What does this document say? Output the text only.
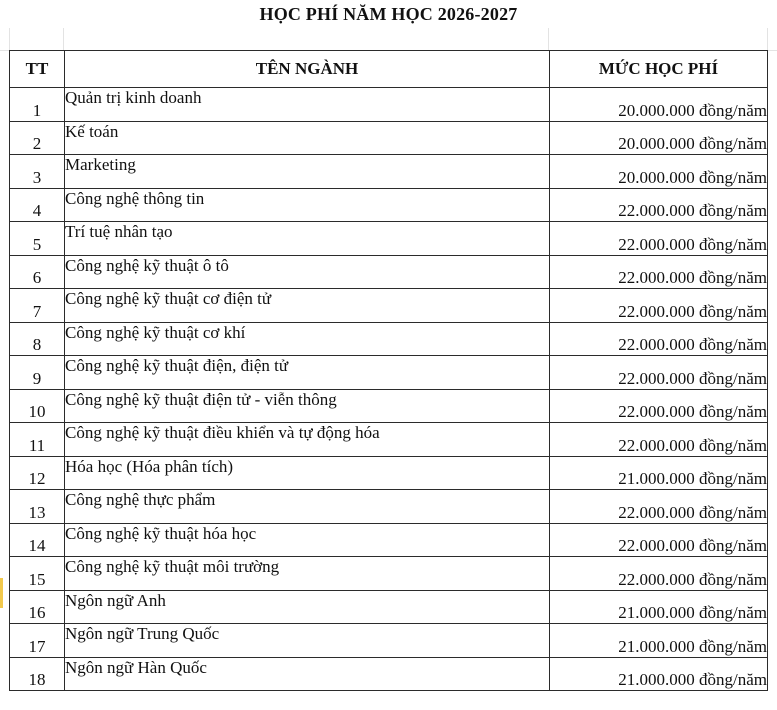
HỌC PHÍ NĂM HỌC 2026-2027
TT	TÊN NGÀNH	MỨC HỌC PHÍ
1	Quản trị kinh doanh	20.000.000 đồng/năm
2	Kế toán	20.000.000 đồng/năm
3	Marketing	20.000.000 đồng/năm
4	Công nghệ thông tin	22.000.000 đồng/năm
5	Trí tuệ nhân tạo	22.000.000 đồng/năm
6	Công nghệ kỹ thuật ô tô	22.000.000 đồng/năm
7	Công nghệ kỹ thuật cơ điện tử	22.000.000 đồng/năm
8	Công nghệ kỹ thuật cơ khí	22.000.000 đồng/năm
9	Công nghệ kỹ thuật điện, điện tử	22.000.000 đồng/năm
10	Công nghệ kỹ thuật điện tử - viễn thông	22.000.000 đồng/năm
11	Công nghệ kỹ thuật điều khiển và tự động hóa	22.000.000 đồng/năm
12	Hóa học (Hóa phân tích)	21.000.000 đồng/năm
13	Công nghệ thực phẩm	22.000.000 đồng/năm
14	Công nghệ kỹ thuật hóa học	22.000.000 đồng/năm
15	Công nghệ kỹ thuật môi trường	22.000.000 đồng/năm
16	Ngôn ngữ Anh	21.000.000 đồng/năm
17	Ngôn ngữ Trung Quốc	21.000.000 đồng/năm
18	Ngôn ngữ Hàn Quốc	21.000.000 đồng/năm
